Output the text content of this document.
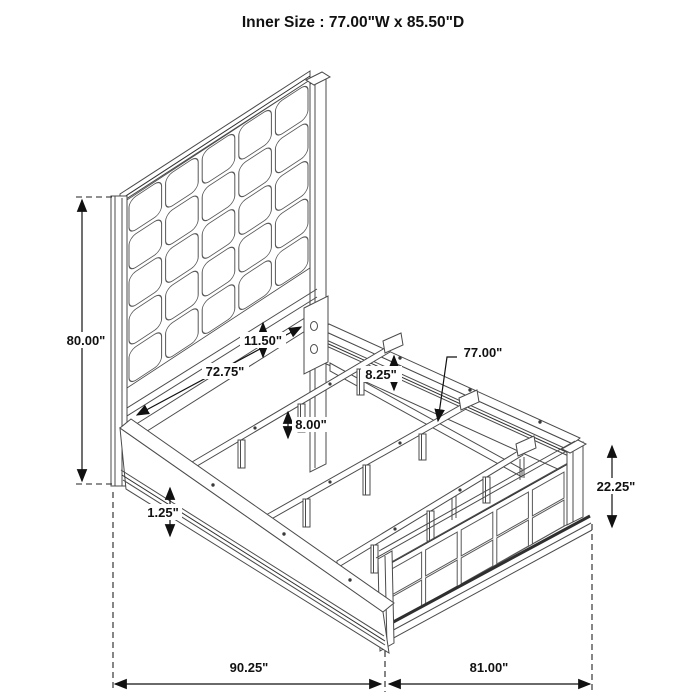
80.00"
72.75"
11.50"
8.25"
8.00"
77.00"
1.25"
22.25"
90.25"	81.00"
Inner Size : 77.00"W x 85.50"D
